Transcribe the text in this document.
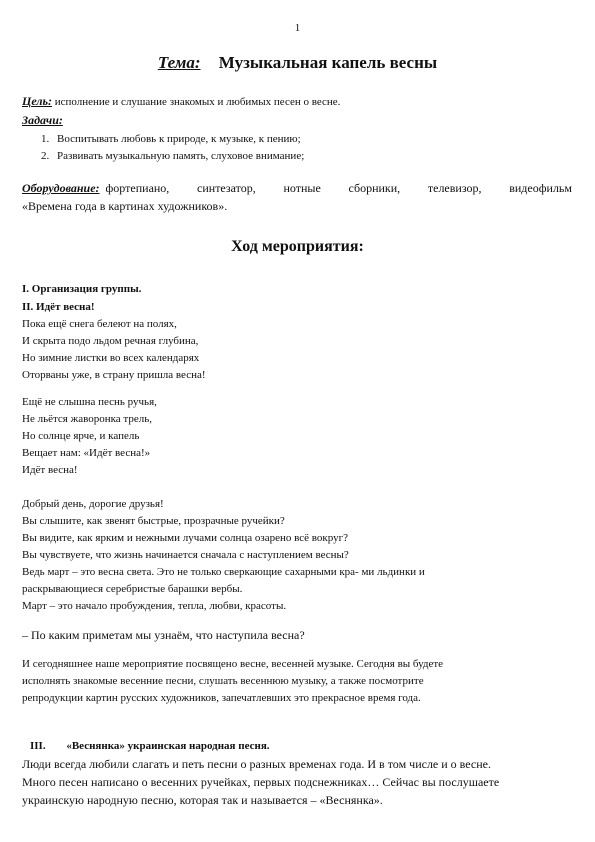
1
Тема: Музыкальная капель весны
Цель: исполнение и слушание знакомых и любимых песен о весне.
Задачи:
1. Воспитывать любовь к природе, к музыке, к пению;
2. Развивать музыкальную память, слуховое внимание;
Оборудование: фортепиано, синтезатор, нотные сборники, телевизор, видеофильм
«Времена года в картинах художников».
Ход мероприятия:
I. Организация группы.
II. Идёт весна!
Пока ещё снега белеют на полях,
И скрыта подо льдом речная глубина,
Но зимние листки во всех календарях
Оторваны уже, в страну пришла весна!
Ещё не слышна песнь ручья,
Не льётся жаворонка трель,
Но солнце ярче, и капель
Вещает нам: «Идёт весна!»
Идёт весна!
Добрый день, дорогие друзья!
Вы слышите, как звенят быстрые, прозрачные ручейки?
Вы видите, как ярким и нежными лучами солнца озарено всё вокруг?
Вы чувствуете, что жизнь начинается сначала с наступлением весны?
Ведь март – это весна света. Это не только сверкающие сахарными кра- ми льдинки и
раскрывающиеся серебристые барашки вербы.
Март – это начало пробуждения, тепла, любви, красоты.
– По каким приметам мы узнаём, что наступила весна?
И сегодняшнее наше мероприятие посвящено весне, весенней музыке. Сегодня вы будете
исполнять знакомые весенние песни, слушать весеннюю музыку, а также посмотрите
репродукции картин русских художников, запечатлевших это прекрасное время года.
III. «Веснянка» украинская народная песня.
Люди всегда любили слагать и петь песни о разных временах года. И в том числе и о весне.
Много песен написано о весенних ручейках, первых подснежниках… Сейчас вы послушаете
украинскую народную песню, которая так и называется – «Веснянка».
